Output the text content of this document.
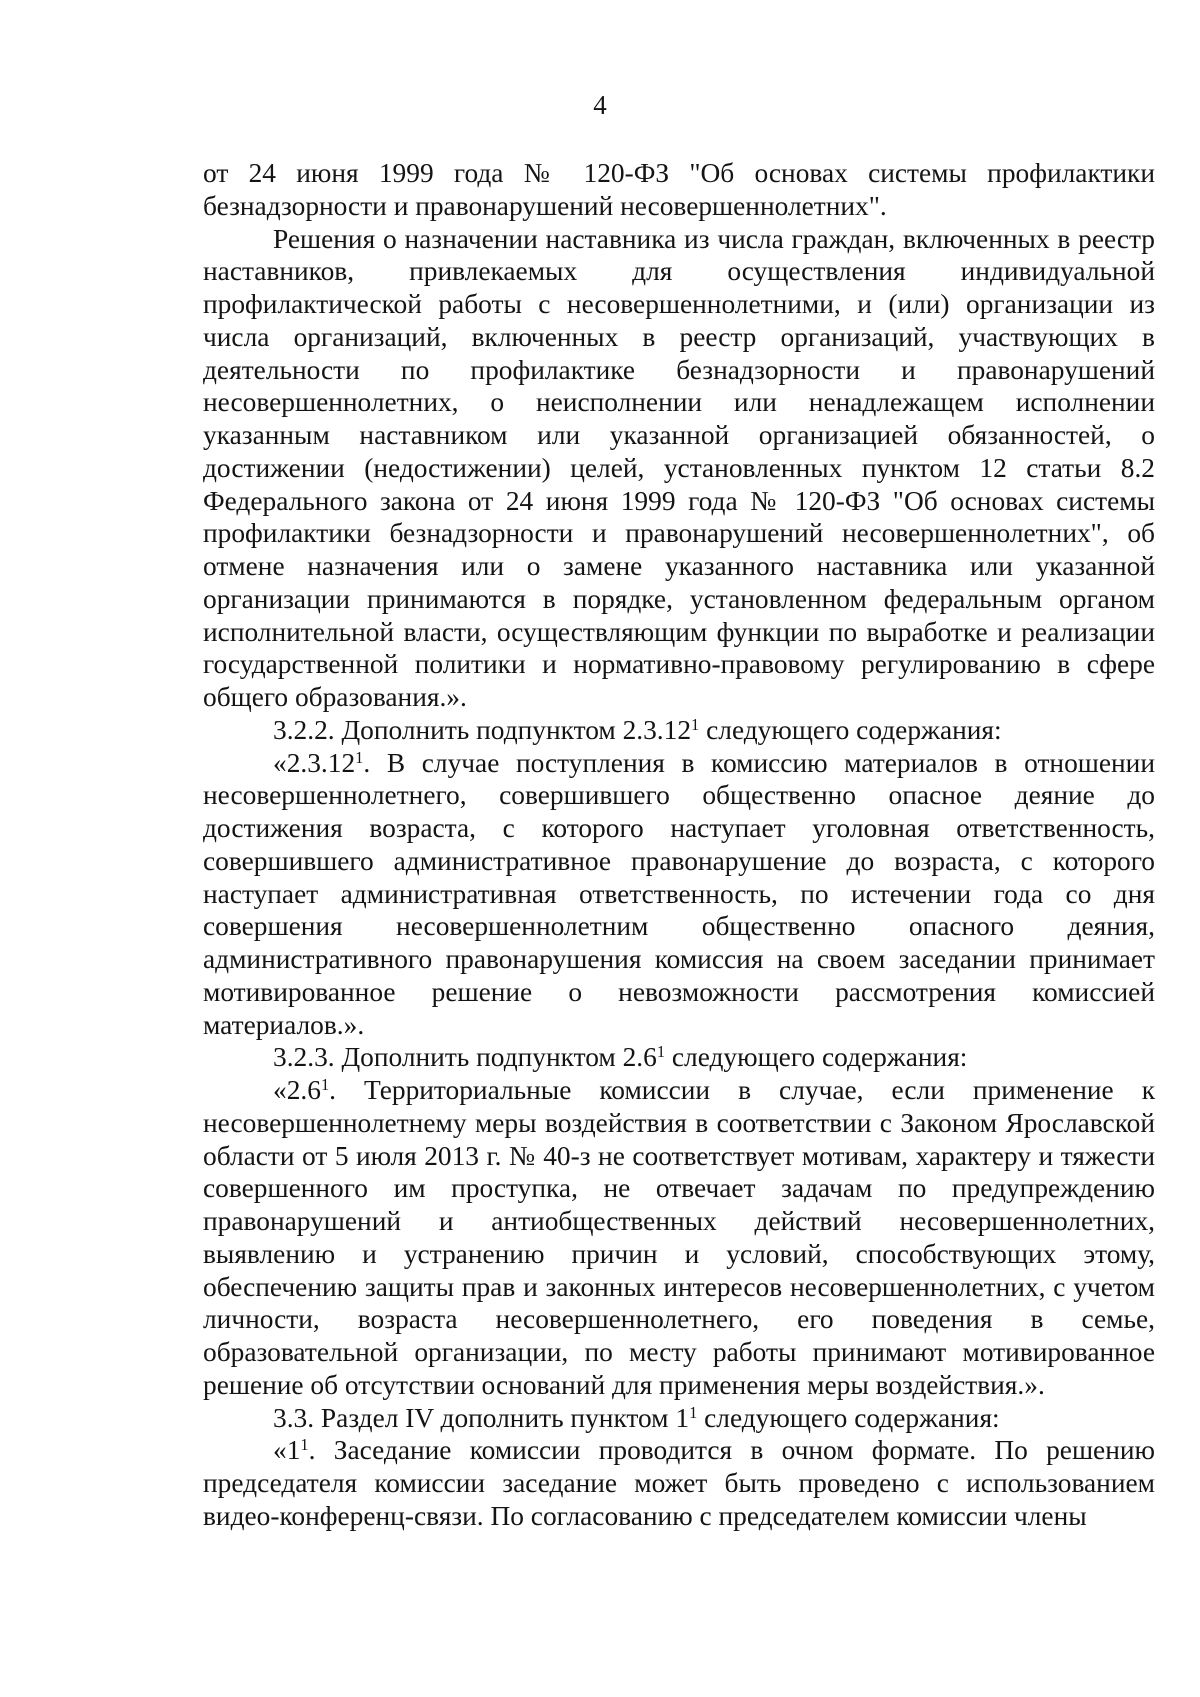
4

от 24 июня 1999 года № 120-ФЗ "Об основах системы профилактики безнадзорности и правонарушений несовершеннолетних".

Решения о назначении наставника из числа граждан, включенных в реестр наставников, привлекаемых для осуществления индивидуальной профилактической работы с несовершеннолетними, и (или) организации из числа организаций, включенных в реестр организаций, участвующих в деятельности по профилактике безнадзорности и правонарушений несовершеннолетних, о неисполнении или ненадлежащем исполнении указанным наставником или указанной организацией обязанностей, о достижении (недостижении) целей, установленных пунктом 12 статьи 8.2 Федерального закона от 24 июня 1999 года № 120-ФЗ "Об основах системы профилактики безнадзорности и правонарушений несовершеннолетних", об отмене назначения или о замене указанного наставника или указанной организации принимаются в порядке, установленном федеральным органом исполнительной власти, осуществляющим функции по выработке и реализации государственной политики и нормативно-правовому регулированию в сфере общего образования.».

3.2.2. Дополнить подпунктом 2.3.12$^1$ следующего содержания:

«2.3.12$^1$. В случае поступления в комиссию материалов в отношении несовершеннолетнего, совершившего общественно опасное деяние до достижения возраста, с которого наступает уголовная ответственность, совершившего административное правонарушение до возраста, с которого наступает административная ответственность, по истечении года со дня совершения несовершеннолетним общественно опасного деяния, административного правонарушения комиссия на своем заседании принимает мотивированное решение о невозможности рассмотрения комиссией материалов.».

3.2.3. Дополнить подпунктом $2.6^1$ следующего содержания:

«$2.6^1$. Территориальные комиссии в случае, если применение к несовершеннолетнему меры воздействия в соответствии с Законом Ярославской области от 5 июля 2013 г. № 40-з не соответствует мотивам, характеру и тяжести совершенного им проступка, не отвечает задачам по предупреждению правонарушений и антиобщественных действий несовершеннолетних, выявлению и устранению причин и условий, способствующих этому, обеспечению защиты прав и законных интересов несовершеннолетних, с учетом личности, возраста несовершеннолетнего, его поведения в семье, образовательной организации, по месту работы принимают мотивированное решение об отсутствии оснований для применения меры воздействия.».

3.3. Раздел IV дополнить пунктом $1^1$ следующего содержания:

«$1^1$. Заседание комиссии проводится в очном формате. По решению председателя комиссии заседание может быть проведено с использованием видео-конференц-связи. По согласованию с председателем комиссии члены
